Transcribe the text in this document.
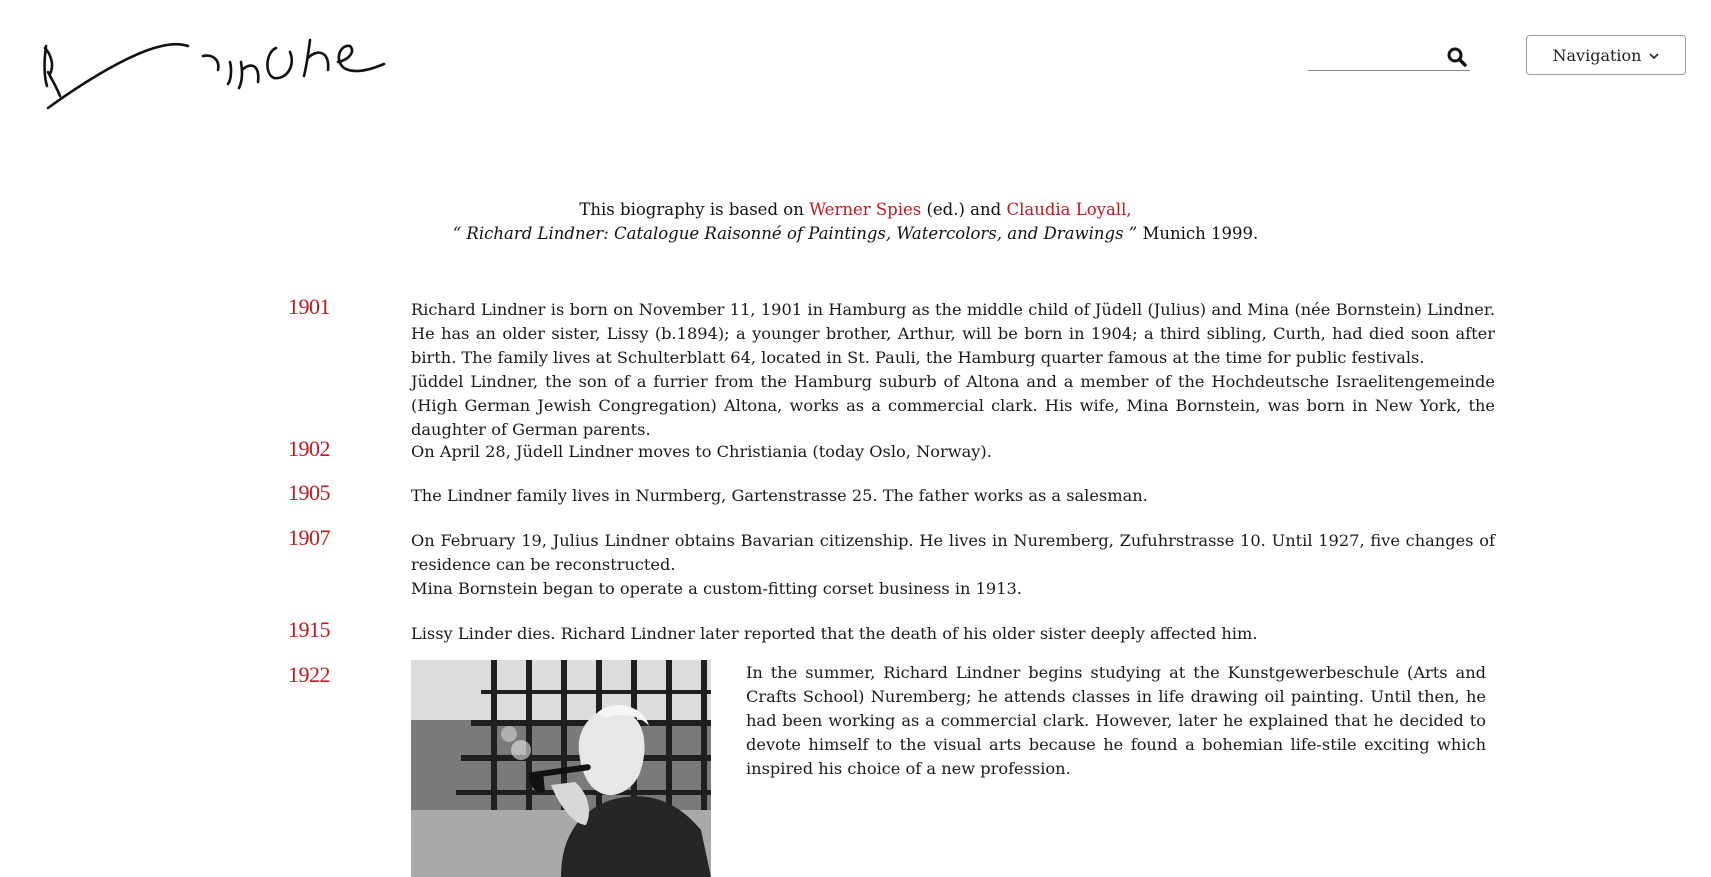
Navigation
This biography is based on Werner Spies (ed.) and Claudia Loyall,
“ Richard Lindner: Catalogue Raisonné of Paintings, Watercolors, and Drawings ” Munich 1999.
1901	Richard Lindner is born on November 11, 1901 in Hamburg as the middle child of Jüdell (Julius) and Mina (née Bornstein) Lindner. He has an older sister, Lissy (b.1894); a younger brother, Arthur, will be born in 1904; a third sibling, Curth, had died soon after birth. The family lives at Schulterblatt 64, located in St. Pauli, the Hamburg quarter famous at the time for public festivals.

Jüddel Lindner, the son of a furrier from the Hamburg suburb of Altona and a member of the Hochdeutsche Israelitengemeinde (High German Jewish Congregation) Altona, works as a commercial clark. His wife, Mina Bornstein, was born in New York, the daughter of German parents.

1902	On April 28, Jüdell Lindner moves to Christiania (today Oslo, Norway).

1905	The Lindner family lives in Nurmberg, Gartenstrasse 25. The father works as a salesman.

1907	On February 19, Julius Lindner obtains Bavarian citizenship. He lives in Nuremberg, Zufuhrstrasse 10. Until 1927, five changes of residence can be reconstructed.

Mina Bornstein began to operate a custom-fitting corset business in 1913.

1915	Lissy Linder dies. Richard Lindner later reported that the death of his older sister deeply affected him.

1922	In the summer, Richard Lindner begins studying at the Kunstgewerbeschule (Arts and Crafts School) Nuremberg; he attends classes in life drawing oil painting. Until then, he had been working as a commercial clark. However, later he explained that he decided to devote himself to the visual arts because he found a bohemian life-stile exciting which inspired his choice of a new profession.
